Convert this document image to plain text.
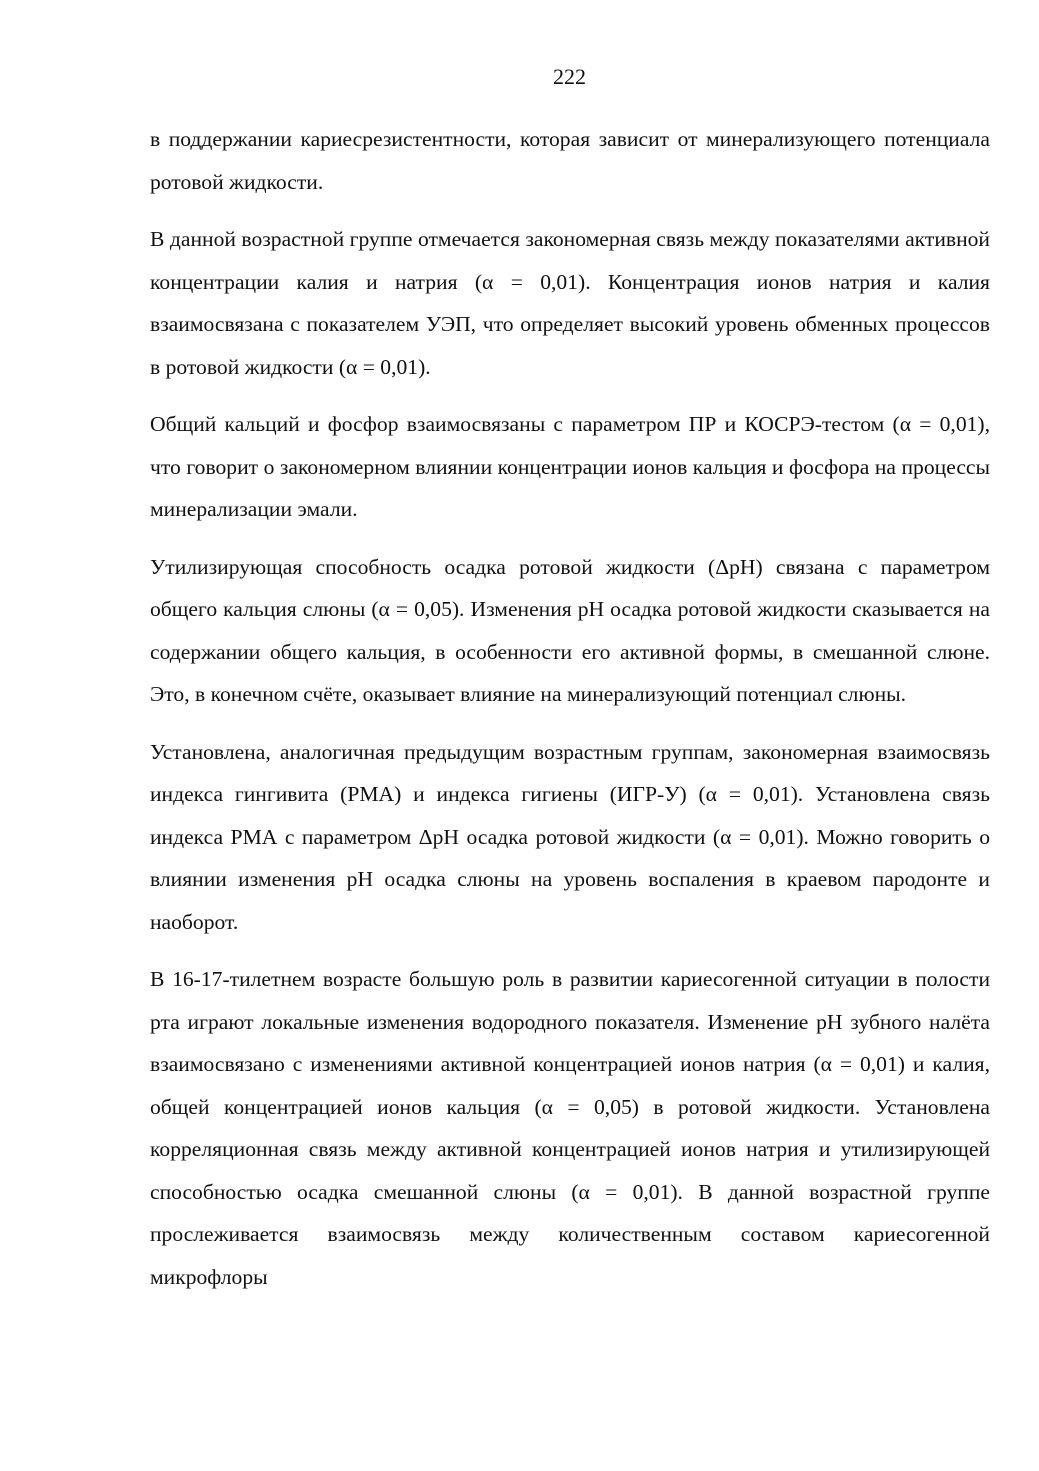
222

в поддержании кариесрезистентности, которая зависит от минерализующего потенциала ротовой жидкости.

В данной возрастной группе отмечается закономерная связь между показателями активной концентрации калия и натрия (α = 0,01). Концентрация ионов натрия и калия взаимосвязана с показателем УЭП, что определяет высокий уровень обменных процессов в ротовой жидкости (α = 0,01).

Общий кальций и фосфор взаимосвязаны с параметром ПР и КОСРЭ-тестом (α = 0,01), что говорит о закономерном влиянии концентрации ионов кальция и фосфора на процессы минерализации эмали.

Утилизирующая способность осадка ротовой жидкости (ΔpH) связана с параметром общего кальция слюны (α = 0,05). Изменения pH осадка ротовой жидкости сказывается на содержании общего кальция, в особенности его активной формы, в смешанной слюне. Это, в конечном счёте, оказывает влияние на минерализующий потенциал слюны.

Установлена, аналогичная предыдущим возрастным группам, закономерная взаимосвязь индекса гингивита (РМА) и индекса гигиены (ИГР-У) (α = 0,01). Установлена связь индекса РМА с параметром ΔpH осадка ротовой жидкости (α = 0,01). Можно говорить о влиянии изменения pH осадка слюны на уровень воспаления в краевом пародонте и наоборот.

В 16-17-тилетнем возрасте большую роль в развитии кариесогенной ситуации в полости рта играют локальные изменения водородного показателя. Изменение pH зубного налёта взаимосвязано с изменениями активной концентрацией ионов натрия (α = 0,01) и калия, общей концентрацией ионов кальция (α = 0,05) в ротовой жидкости. Установлена корреляционная связь между активной концентрацией ионов натрия и утилизирующей способностью осадка смешанной слюны (α = 0,01). В данной возрастной группе прослеживается взаимосвязь между количественным составом кариесогенной микрофлоры
